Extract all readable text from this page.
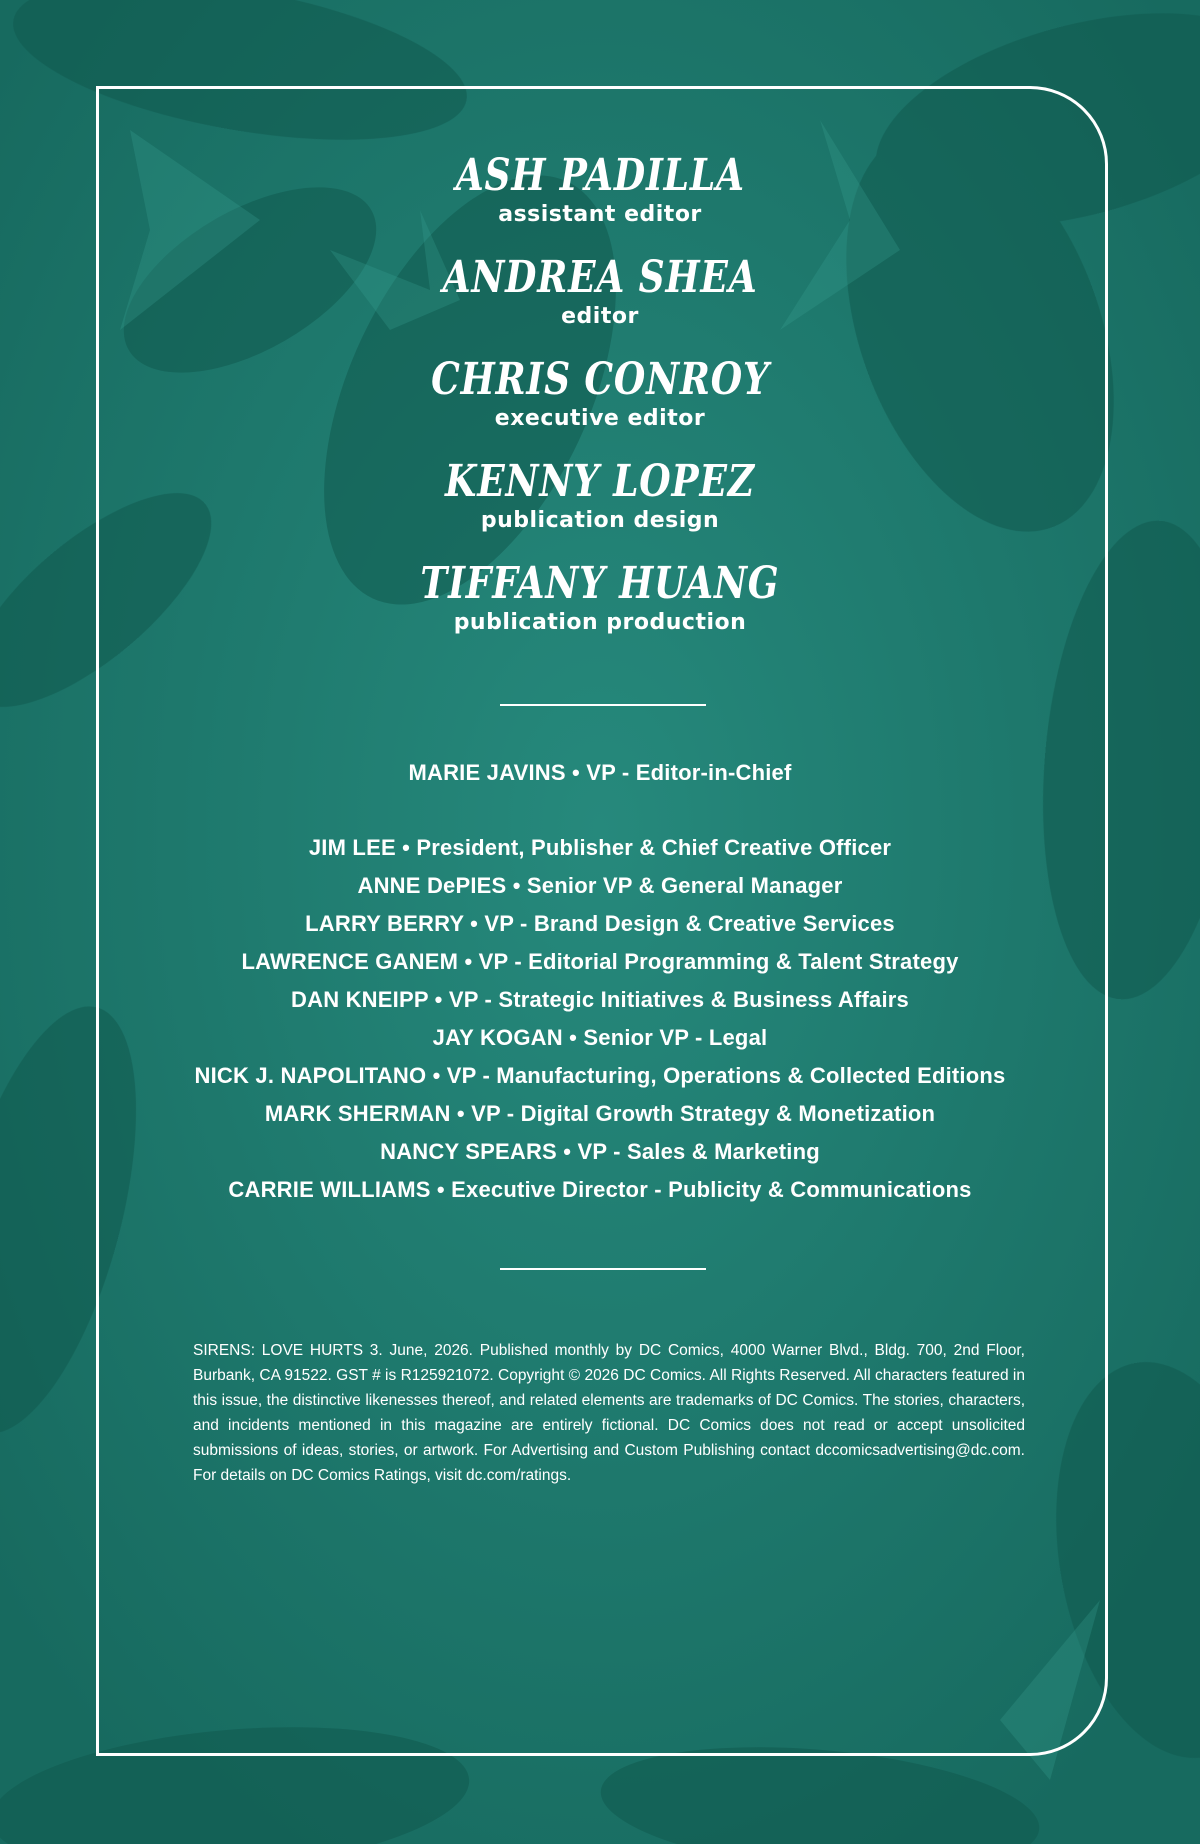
ASH PADILLA
assistant editor
ANDREA SHEA
editor
CHRIS CONROY
executive editor
KENNY LOPEZ
publication design
TIFFANY HUANG
publication production
MARIE JAVINS • VP - Editor-in-Chief
JIM LEE • President, Publisher & Chief Creative Officer
ANNE DePIES • Senior VP & General Manager
LARRY BERRY • VP - Brand Design & Creative Services
LAWRENCE GANEM • VP - Editorial Programming & Talent Strategy
DAN KNEIPP • VP - Strategic Initiatives & Business Affairs
JAY KOGAN • Senior VP - Legal
NICK J. NAPOLITANO • VP - Manufacturing, Operations & Collected Editions
MARK SHERMAN • VP - Digital Growth Strategy & Monetization
NANCY SPEARS • VP - Sales & Marketing
CARRIE WILLIAMS • Executive Director - Publicity & Communications
SIRENS: LOVE HURTS 3. June, 2026. Published monthly by DC Comics, 4000 Warner Blvd., Bldg. 700, 2nd Floor, Burbank, CA 91522. GST # is R125921072. Copyright © 2026 DC Comics. All Rights Reserved. All characters featured in this issue, the distinctive likenesses thereof, and related elements are trademarks of DC Comics. The stories, characters, and incidents mentioned in this magazine are entirely fictional. DC Comics does not read or accept unsolicited submissions of ideas, stories, or artwork. For Advertising and Custom Publishing contact dccomicsadvertising@dc.com. For details on DC Comics Ratings, visit dc.com/ratings.
